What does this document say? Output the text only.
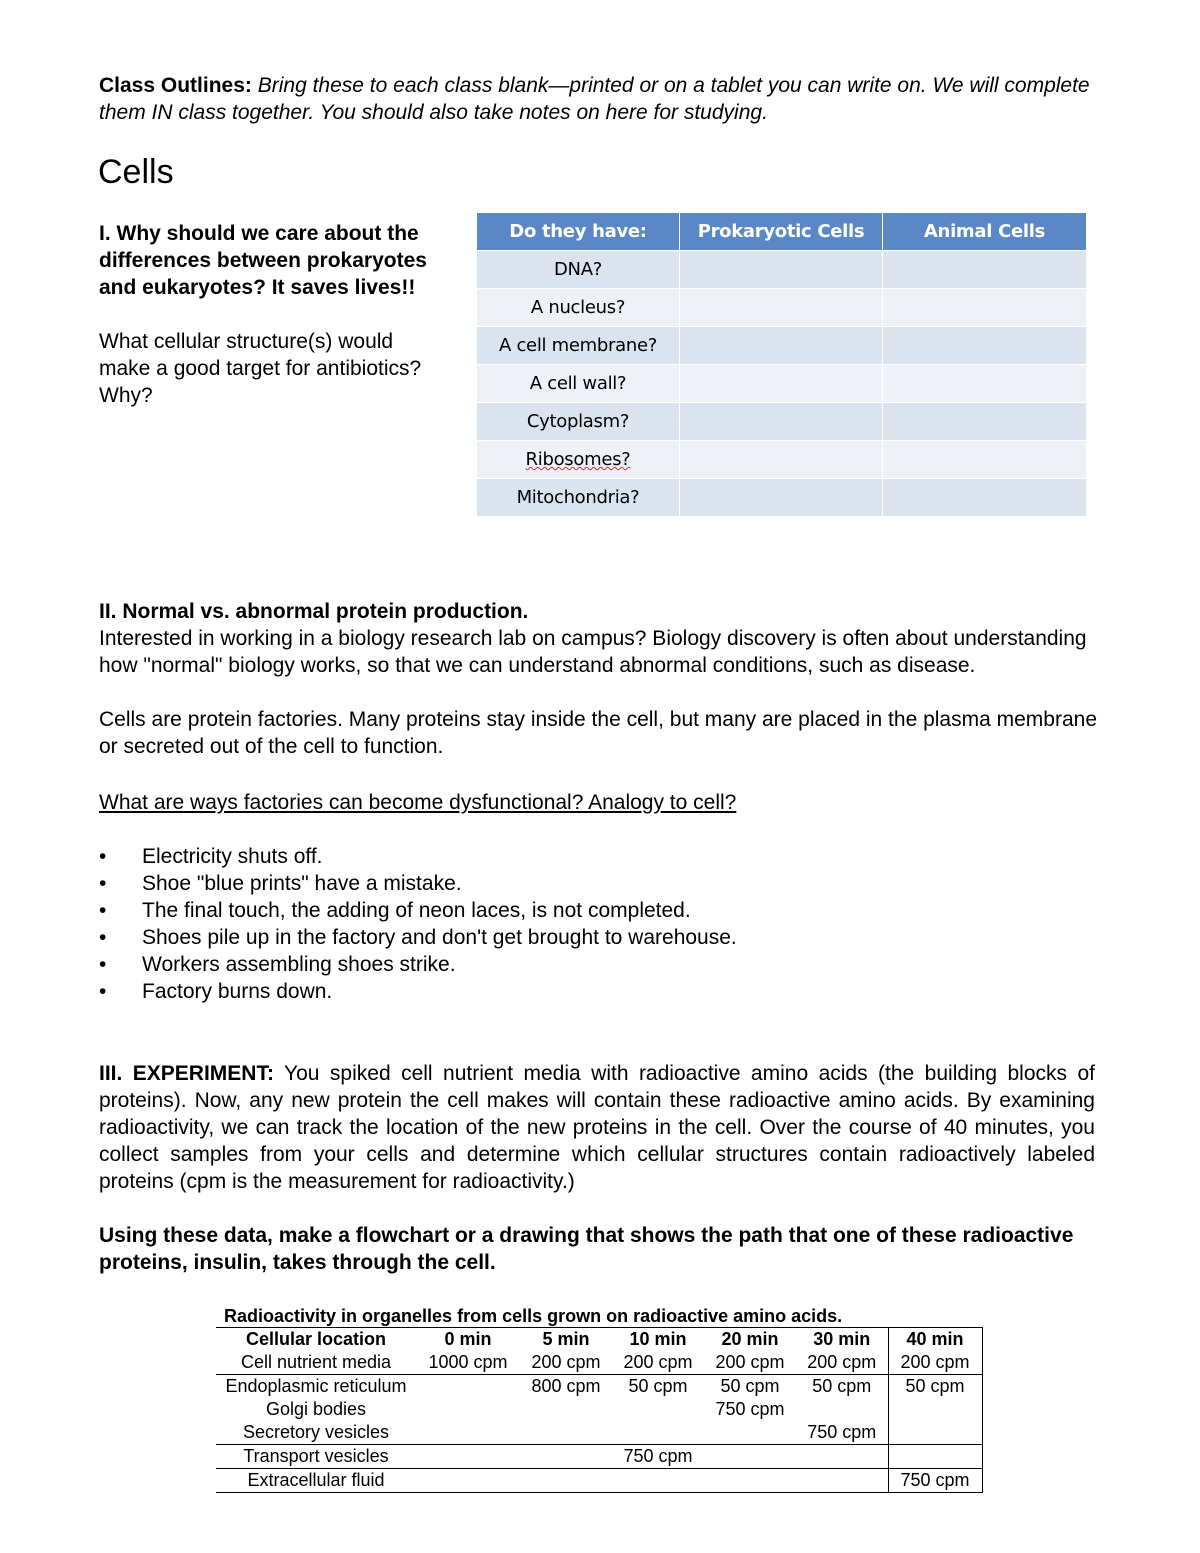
Class Outlines: Bring these to each class blank—printed or on a tablet you can write on. We will complete them IN class together. You should also take notes on here for studying.
Cells

I. Why should we care about the differences between prokaryotes and eukaryotes? It saves lives!!

What cellular structure(s) would make a good target for antibiotics? Why?

Do they have:	Prokaryotic Cells	Animal Cells
DNA?		
A nucleus?		
A cell membrane?		
A cell wall?		
Cytoplasm?		
Ribosomes?		
Mitochondria?		

II. Normal vs. abnormal protein production.

Interested in working in a biology research lab on campus? Biology discovery is often about understanding how "normal" biology works, so that we can understand abnormal conditions, such as disease.

Cells are protein factories. Many proteins stay inside the cell, but many are placed in the plasma membrane or secreted out of the cell to function.

What are ways factories can become dysfunctional? Analogy to cell?

• Electricity shuts off.
• Shoe "blue prints" have a mistake.
• The final touch, the adding of neon laces, is not completed.
• Shoes pile up in the factory and don't get brought to warehouse.
• Workers assembling shoes strike.
• Factory burns down.
III. EXPERIMENT: You spiked cell nutrient media with radioactive amino acids (the building blocks of proteins). Now, any new protein the cell makes will contain these radioactive amino acids. By examining radioactivity, we can track the location of the new proteins in the cell. Over the course of 40 minutes, you collect samples from your cells and determine which cellular structures contain radioactively labeled proteins (cpm is the measurement for radioactivity.)

Using these data, make a flowchart or a drawing that shows the path that one of these radioactive proteins, insulin, takes through the cell.

Radioactivity in organelles from cells grown on radioactive amino acids.
Cellular location	0 min	5 min	10 min	20 min	30 min	40 min
Cell nutrient media	1000 cpm	200 cpm	200 cpm	200 cpm	200 cpm	200 cpm
Endoplasmic reticulum		800 cpm	50 cpm	50 cpm	50 cpm	50 cpm
Golgi bodies				750 cpm		
Secretory vesicles					750 cpm	
Transport vesicles			750 cpm			
Extracellular fluid						750 cpm
